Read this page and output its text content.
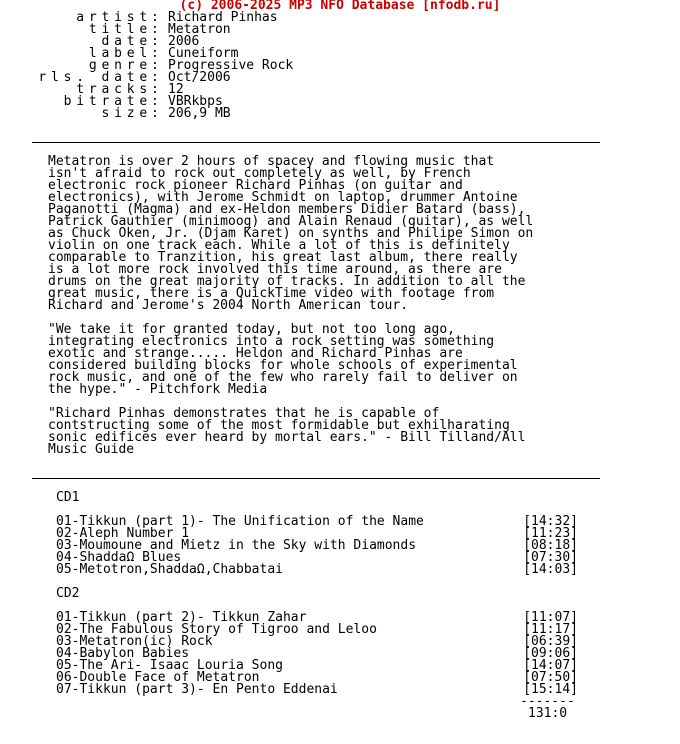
(c) 2006-2025 MP3 NFO Database [nfodb.ru]
artist : Richard Pinhas
title : Metatron
date : 2006
label : Cuneiform
genre : Progressive Rock
rls. date : Oct/2006
tracks : 12
bitrate : VBRkbps
size : 206,9 MB
Metatron is over 2 hours of spacey and flowing music that
isn't afraid to rock out completely as well, by French
electronic rock pioneer Richard Pinhas (on guitar and
electronics), with Jerome Schmidt on laptop, drummer Antoine
Paganotti (Magma) and ex-Heldon members Didier Batard (bass),
Patrick Gauthier (minimoog) and Alain Renaud (guitar), as well
as Chuck Oken, Jr. (Djam Karet) on synths and Philipe Simon on
violin on one track each. While a lot of this is definitely
comparable to Tranzition, his great last album, there really
is a lot more rock involved this time around, as there are
drums on the great majority of tracks. In addition to all the
great music, there is a QuickTime video with footage from
Richard and Jerome's 2004 North American tour.
"We take it for granted today, but not too long ago,
integrating electronics into a rock setting was something
exotic and strange..... Heldon and Richard Pinhas are
considered building blocks for whole schools of experimental
rock music, and one of the few who rarely fail to deliver on
the hype." - Pitchfork Media
"Richard Pinhas demonstrates that he is capable of
contstructing some of the most formidable but exhilharating
sonic edifices ever heard by mortal ears." - Bill Tilland/All
Music Guide
CD1
01-Tikkun (part 1)- The Unification of the Name	[14:32]
02-Aleph Number 1	[11:23]
03-Moumoune and Mietz in the Sky with Diamonds	[08:18]
04-ShaddaΩ Blues	[07:30]
05-Metotron,ShaddaΩ,Chabbatai	[14:03]
CD2
01-Tikkun (part 2)- Tikkun Zahar	[11:07]
02-The Fabulous Story of Tigroo and Leloo	[11:17]
03-Metatron(ic) Rock	[06:39]
04-Babylon Babies	[09:06]
05-The Ari- Isaac Louria Song	[14:07]
06-Double Face of Metatron	[07:50]
07-Tikkun (part 3)- En Pento Eddenai	[15:14]
-------
131:0
